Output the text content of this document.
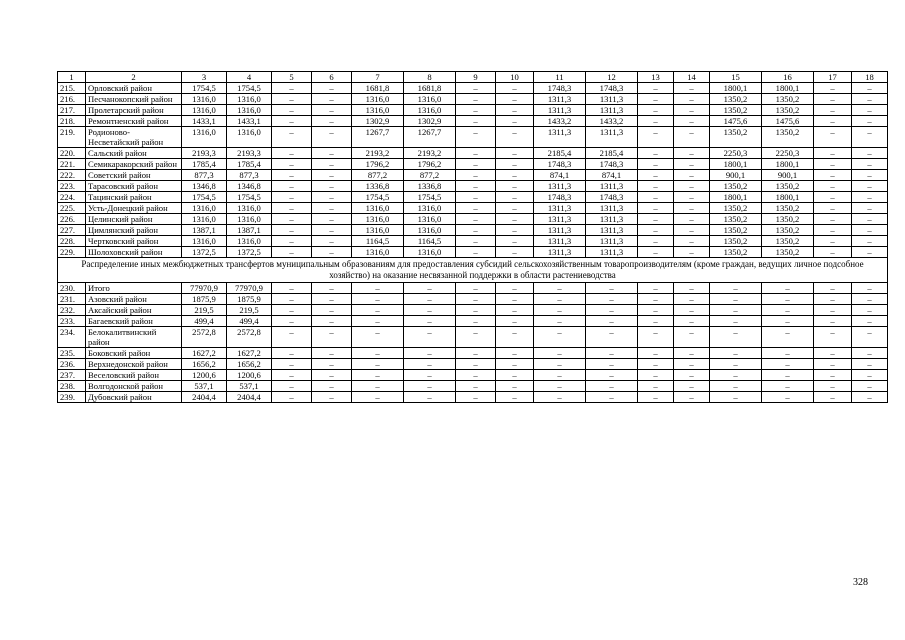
1	2	3	4	5	6	7	8	9	10	11	12	13	14	15	16	17	18
215.	Орловский район	1754,5	1754,5	–	–	1681,8	1681,8	–	–	1748,3	1748,3	–	–	1800,1	1800,1	–	–
216.	Песчанокопский район	1316,0	1316,0	–	–	1316,0	1316,0	–	–	1311,3	1311,3	–	–	1350,2	1350,2	–	–
217.	Пролетарский район	1316,0	1316,0	–	–	1316,0	1316,0	–	–	1311,3	1311,3	–	–	1350,2	1350,2	–	–
218.	Ремонтненский район	1433,1	1433,1	–	–	1302,9	1302,9	–	–	1433,2	1433,2	–	–	1475,6	1475,6	–	–
219.	Родионово-Несветайский район	1316,0	1316,0	–	–	1267,7	1267,7	–	–	1311,3	1311,3	–	–	1350,2	1350,2	–	–
220.	Сальский район	2193,3	2193,3	–	–	2193,2	2193,2	–	–	2185,4	2185,4	–	–	2250,3	2250,3	–	–
221.	Семикаракорский район	1785,4	1785,4	–	–	1796,2	1796,2	–	–	1748,3	1748,3	–	–	1800,1	1800,1	–	–
222.	Советский район	877,3	877,3	–	–	877,2	877,2	–	–	874,1	874,1	–	–	900,1	900,1	–	–
223.	Тарасовский район	1346,8	1346,8	–	–	1336,8	1336,8	–	–	1311,3	1311,3	–	–	1350,2	1350,2	–	–
224.	Тацинский район	1754,5	1754,5	–	–	1754,5	1754,5	–	–	1748,3	1748,3	–	–	1800,1	1800,1	–	–
225.	Усть-Донецкий район	1316,0	1316,0	–	–	1316,0	1316,0	–	–	1311,3	1311,3	–	–	1350,2	1350,2	–	–
226.	Целинский район	1316,0	1316,0	–	–	1316,0	1316,0	–	–	1311,3	1311,3	–	–	1350,2	1350,2	–	–
227.	Цимлянский район	1387,1	1387,1	–	–	1316,0	1316,0	–	–	1311,3	1311,3	–	–	1350,2	1350,2	–	–
228.	Чертковский район	1316,0	1316,0	–	–	1164,5	1164,5	–	–	1311,3	1311,3	–	–	1350,2	1350,2	–	–
229.	Шолоховский район	1372,5	1372,5	–	–	1316,0	1316,0	–	–	1311,3	1311,3	–	–	1350,2	1350,2	–	–
Распределение иных межбюджетных трансфертов муниципальным образованиям для предоставления субсидий сельскохозяйственным товаропроизводителям (кроме граждан, ведущих личное подсобное хозяйство) на оказание несвязанной поддержки в области растениеводства																	
230.	Итого	77970,9	77970,9	–	–	–	–	–	–	–	–	–	–	–	–	–	–
231.	Азовский район	1875,9	1875,9	–	–	–	–	–	–	–	–	–	–	–	–	–	–
232.	Аксайский район	219,5	219,5	–	–	–	–	–	–	–	–	–	–	–	–	–	–
233.	Багаевский район	499,4	499,4	–	–	–	–	–	–	–	–	–	–	–	–	–	–
234.	Белокалитвинский район	2572,8	2572,8	–	–	–	–	–	–	–	–	–	–	–	–	–	–
235.	Боковский район	1627,2	1627,2	–	–	–	–	–	–	–	–	–	–	–	–	–	–
236.	Верхнедонской район	1656,2	1656,2	–	–	–	–	–	–	–	–	–	–	–	–	–	–
237.	Веселовский район	1200,6	1200,6	–	–	–	–	–	–	–	–	–	–	–	–	–	–
238.	Волгодонской район	537,1	537,1	–	–	–	–	–	–	–	–	–	–	–	–	–	–
239.	Дубовский район	2404,4	2404,4	–	–	–	–	–	–	–	–	–	–	–	–	–	–
328
